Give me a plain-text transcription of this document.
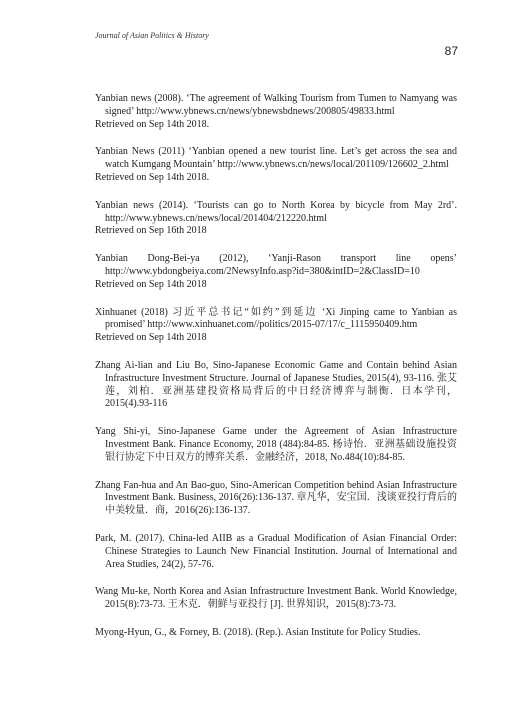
Journal of Asian Politics & History
87
Yanbian news (2008). ‘The agreement of Walking Tourism from Tumen to Namyang was signed’ http://www.ybnews.cn/news/ybnewsbdnews/200805/49833.html
Retrieved on Sep 14th 2018.
Yanbian News (2011) ‘Yanbian opened a new tourist line. Let’s get across the sea and watch Kumgang Mountain’ http://www.ybnews.cn/news/local/201109/126602_2.html
Retrieved on Sep 14th 2018.
Yanbian news (2014). ‘Tourists can go to North Korea by bicycle from May 2rd’. http://www.ybnews.cn/news/local/201404/212220.html
Retrieved on Sep 16th 2018
Yanbian Dong-Bei-ya (2012), ‘Yanji-Rason transport line opens’ http://www.ybdongbeiya.com/2NewsyInfo.asp?id=380&intID=2&ClassID=10
Retrieved on Sep 14th 2018
Xinhuanet (2018) 习近平总书记“如约”到延边 ‘Xi Jinping came to Yanbian as promised’ http://www.xinhuanet.com//politics/2015-07/17/c_1115950409.htm
Retrieved on Sep 14th 2018
Zhang Ai-lian and Liu Bo, Sino-Japanese Economic Game and Contain behind Asian Infrastructure Investment Structure. Journal of Japanese Studies, 2015(4), 93-116. 张艾莲，刘柏．亚洲基建投资格局背后的中日经济博弈与制衡．日本学刊，2015(4).93-116
Yang Shi-yi, Sino-Japanese Game under the Agreement of Asian Infrastructure Investment Bank. Finance Economy, 2018 (484):84-85. 杨诗怡．亚洲基础设施投资银行协定下中日双方的博弈关系．金融经济，2018, No.484(10):84-85.
Zhang Fan-hua and An Bao-guo, Sino-American Competition behind Asian Infrastructure Investment Bank. Business, 2016(26):136-137. 章凡华，安宝国．浅谈亚投行背后的中美较量．商，2016(26):136-137.
Park, M. (2017). China-led AIIB as a Gradual Modification of Asian Financial Order: Chinese Strategies to Launch New Financial Institution. Journal of International and Area Studies, 24(2), 57-76.
Wang Mu-ke, North Korea and Asian Infrastructure Investment Bank. World Knowledge, 2015(8):73-73. 王木克．朝鲜与亚投行 [J]. 世界知识，2015(8):73-73.
Myong-Hyun, G., & Forney, B. (2018). (Rep.). Asian Institute for Policy Studies.
